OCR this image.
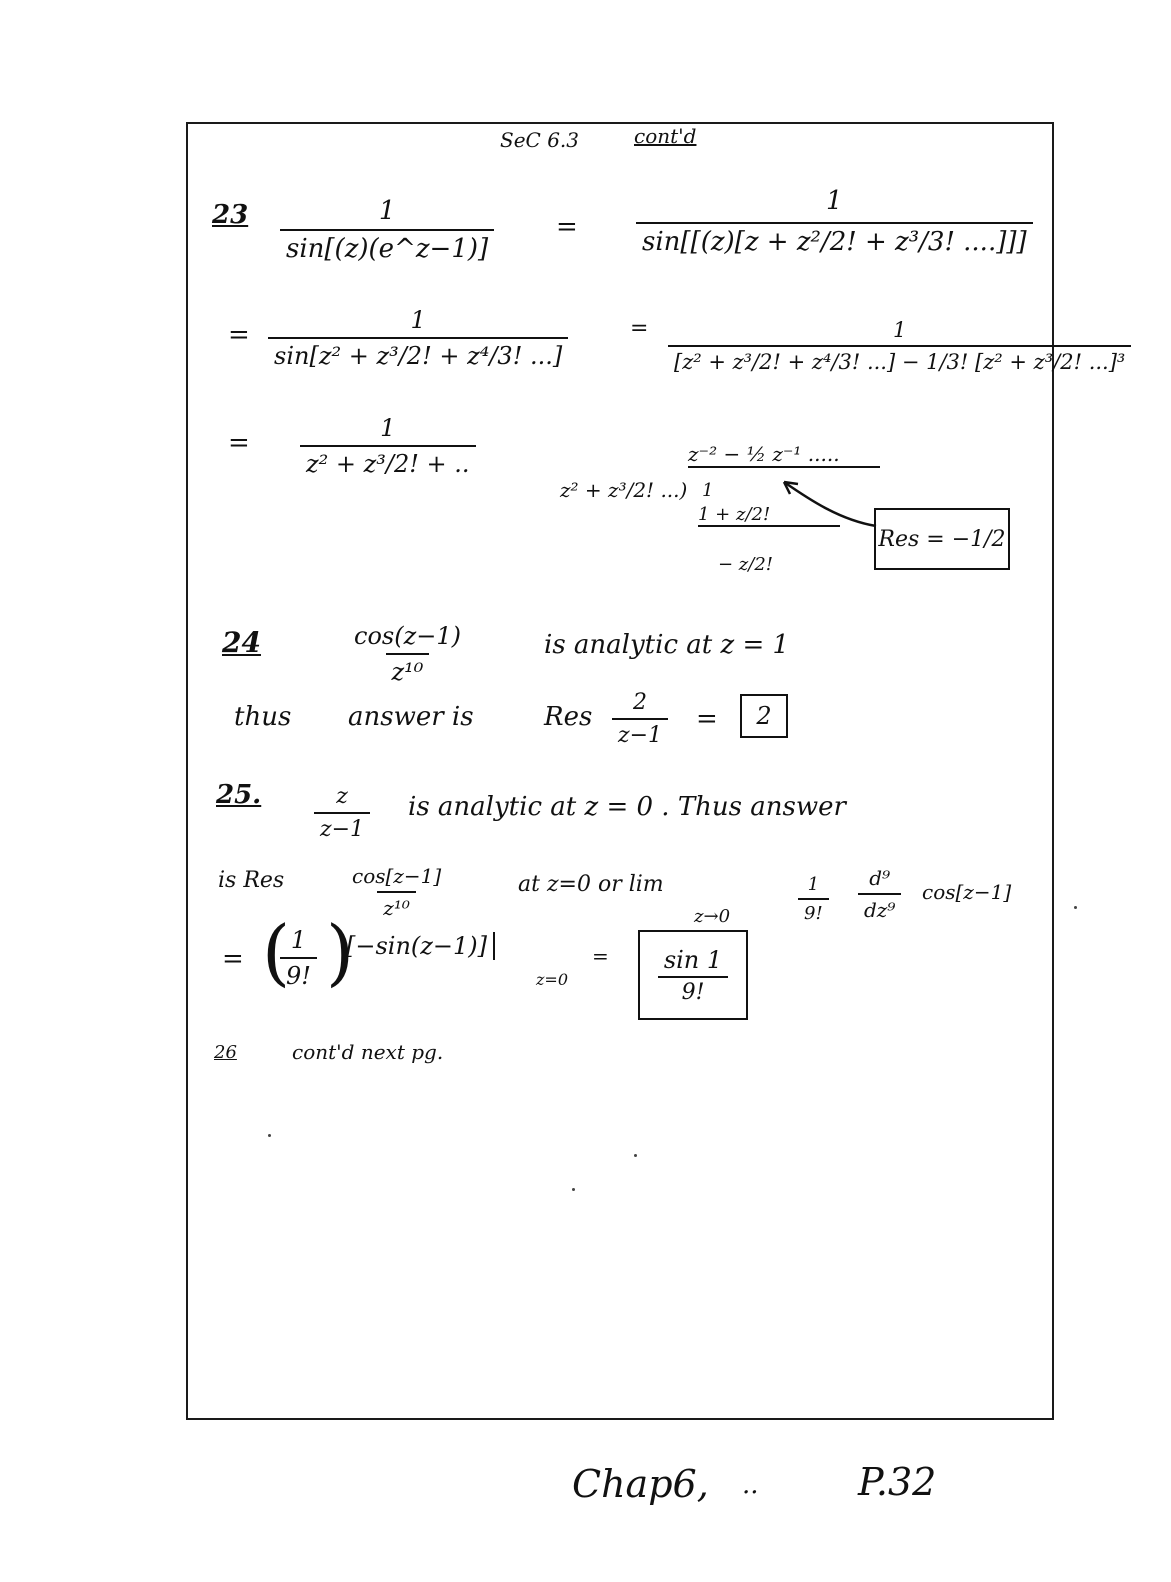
SeC 6.3	cont'd
$23 \frac{1}{\sin[(z)(e\^{}z-1)]} = \frac{1}{\text{sin[[(z)[z + z²/2! + z³/3! ....]]]}}$
= $\frac{1}{\text{sin[z² + z³/2! + z⁴/3! ...]}}$	= $\frac{1}{\text{[z² + z³/2! + z⁴/3! ...] − 1/3! [z² + z³/2! ...]³}}$
= $\frac{1}{\text{z² + z³/2! + ..}}$	z⁻² − ½ z⁻¹ .....
z² + z³/2! ...) 1
1 + z/2!
− z/2!
Res = −1/2
24	$\frac{\cos(z-1)}{\text{z¹⁰}}$	is analytic at z = 1
thus answer is	Res $\frac{2}{z-1}$ =	2
25. $\frac{z}{z-1}$ is analytic at z = 0 . Thus answer
is Res	$\frac{\cos[z-1]}{\text{z¹⁰}}$	at z=0 or lim
z→0	$\frac{1}{9!} \frac{\text{d⁹}}{\text{dz⁹}} \cos[z-1]$
= (
$\frac{1}{9!}$ )
[−sin(z−1)]
z=0
= $\frac{\sin 1}{9!}$
26	cont'd next pg.
Chap6, ..	P.32
